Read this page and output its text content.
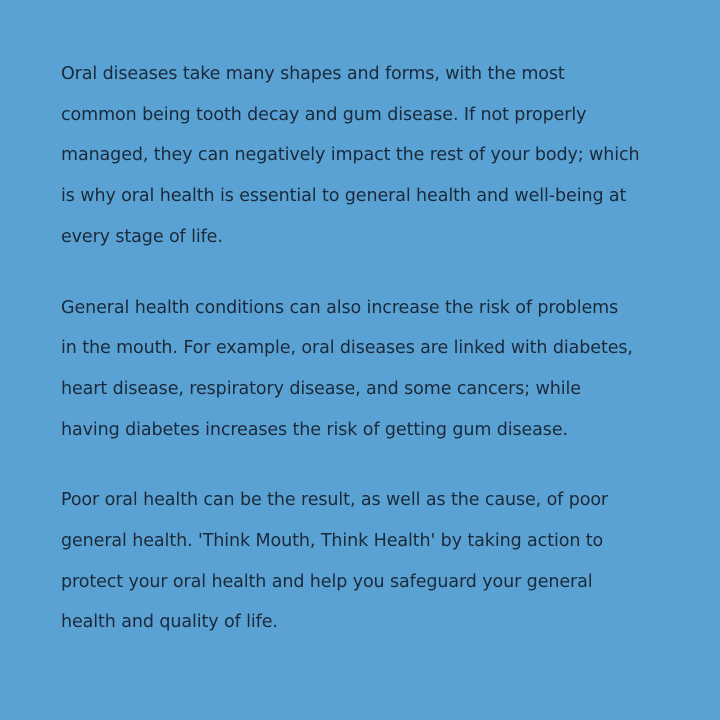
Oral diseases take many shapes and forms, with the most
common being tooth decay and gum disease. If not properly
managed, they can negatively impact the rest of your body; which
is why oral health is essential to general health and well-being at
every stage of life.

General health conditions can also increase the risk of problems
in the mouth. For example, oral diseases are linked with diabetes,
heart disease, respiratory disease, and some cancers; while
having diabetes increases the risk of getting gum disease.

Poor oral health can be the result, as well as the cause, of poor
general health. 'Think Mouth, Think Health' by taking action to
protect your oral health and help you safeguard your general
health and quality of life.
